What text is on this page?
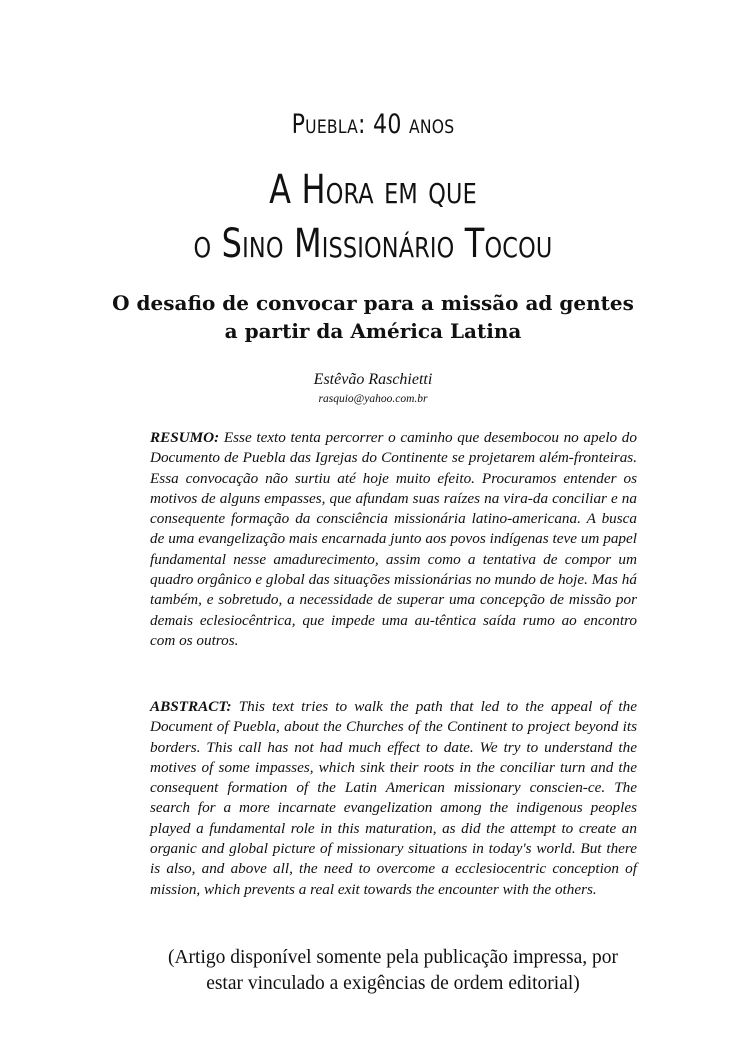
Puebla: 40 anos
A Hora em que
o Sino Missionário Tocou
O desafio de convocar para a missão ad gentes
a partir da América Latina
Estêvão Raschietti
rasquio@yahoo.com.br

RESUMO: Esse texto tenta percorrer o caminho que desembocou no apelo do Documento de Puebla das Igrejas do Continente se projetarem além-fronteiras. Essa convocação não surtiu até hoje muito efeito. Procuramos entender os motivos de alguns empasses, que afundam suas raízes na vira-da conciliar e na consequente formação da consciência missionária latino-americana. A busca de uma evangelização mais encarnada junto aos povos indígenas teve um papel fundamental nesse amadurecimento, assim como a tentativa de compor um quadro orgânico e global das situações missionárias no mundo de hoje. Mas há também, e sobretudo, a necessidade de superar uma concepção de missão por demais eclesiocêntrica, que impede uma au-têntica saída rumo ao encontro com os outros.

ABSTRACT: This text tries to walk the path that led to the appeal of the Document of Puebla, about the Churches of the Continent to project beyond its borders. This call has not had much effect to date. We try to understand the motives of some impasses, which sink their roots in the conciliar turn and the consequent formation of the Latin American missionary conscien-ce. The search for a more incarnate evangelization among the indigenous peoples played a fundamental role in this maturation, as did the attempt to create an organic and global picture of missionary situations in today's world. But there is also, and above all, the need to overcome a ecclesiocentric conception of mission, which prevents a real exit towards the encounter with the others.

(Artigo disponível somente pela publicação impressa, por
estar vinculado a exigências de ordem editorial)
